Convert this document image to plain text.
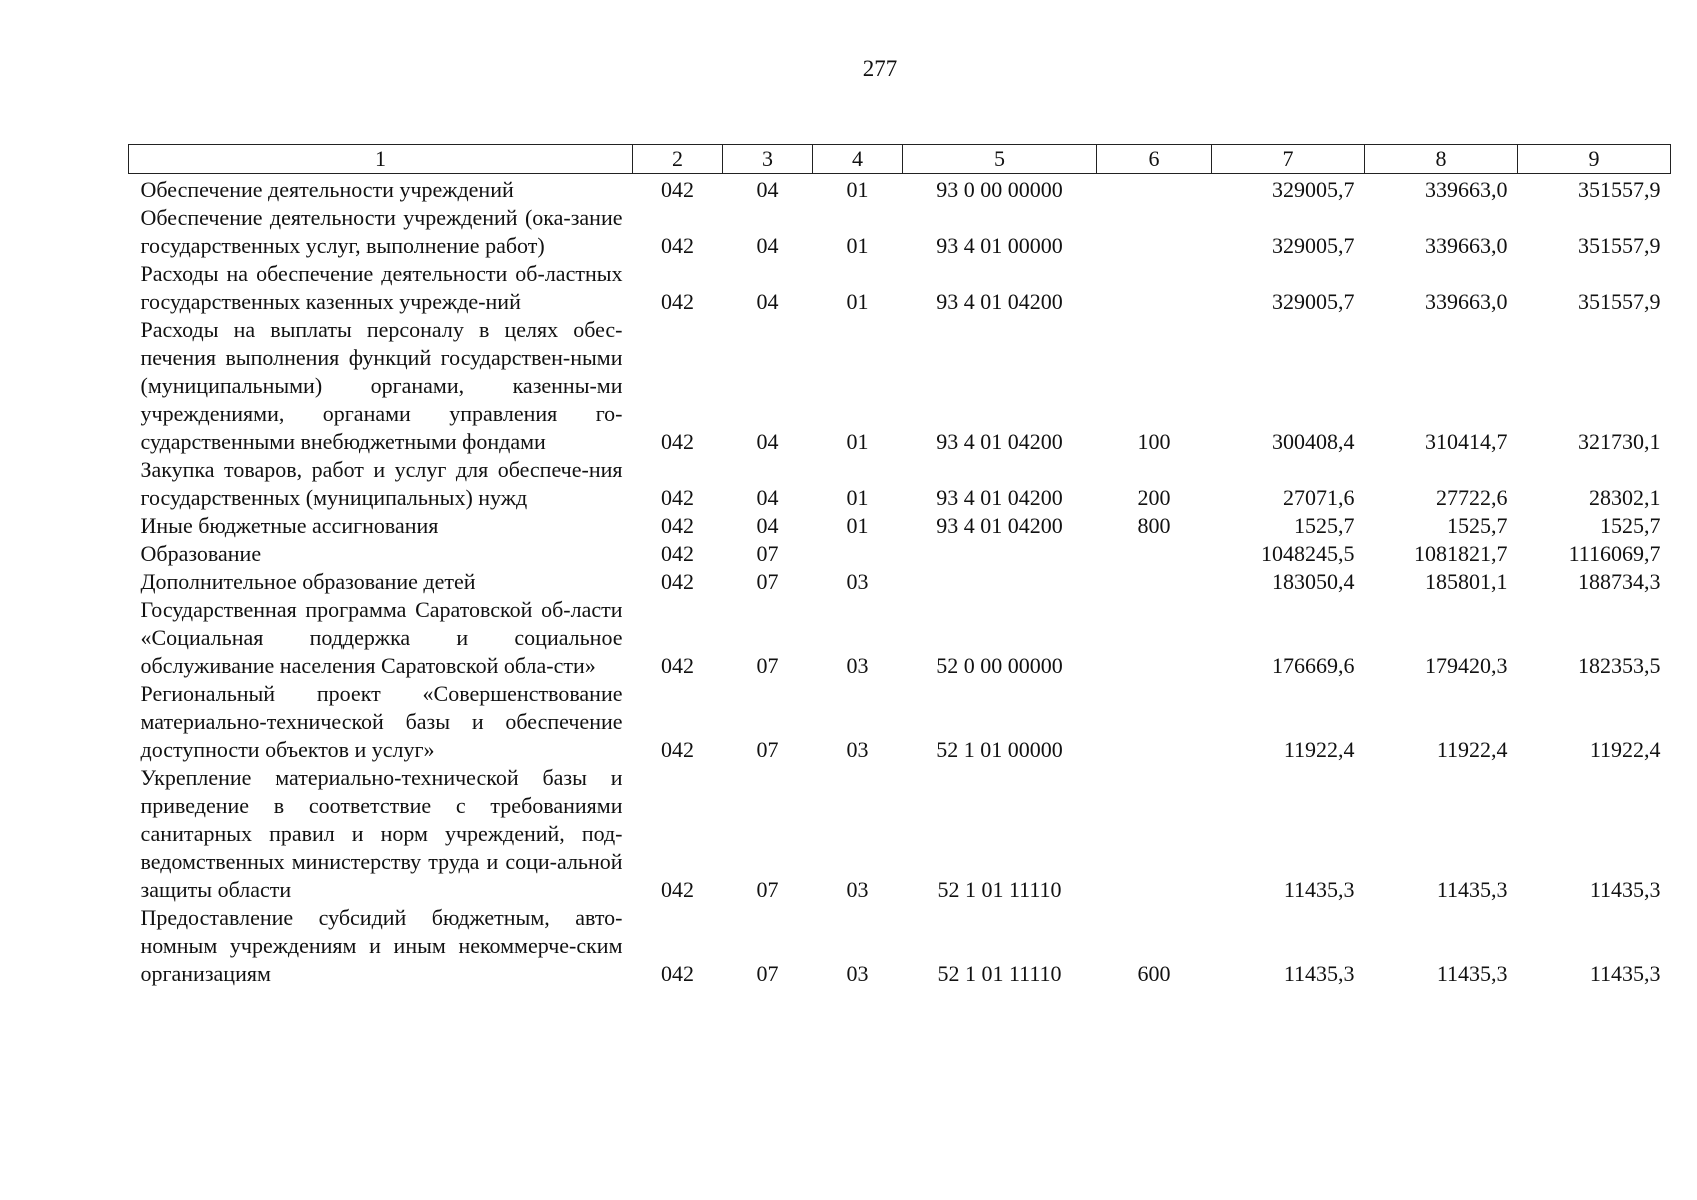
277
1	2	3	4	5	6	7	8	9
Обеспечение деятельности учреждений	042	04	01	93 0 00 00000		329005,7	339663,0	351557,9
Обеспечение деятельности учреждений (ока-зание государственных услуг, выполнение работ)	042	04	01	93 4 01 00000		329005,7	339663,0	351557,9
Расходы на обеспечение деятельности об-ластных государственных казенных учрежде-ний	042	04	01	93 4 01 04200		329005,7	339663,0	351557,9
Расходы на выплаты персоналу в целях обес-печения выполнения функций государствен-ными (муниципальными) органами, казенны-ми учреждениями, органами управления го-сударственными внебюджетными фондами	042	04	01	93 4 01 04200	100	300408,4	310414,7	321730,1
Закупка товаров, работ и услуг для обеспече-ния государственных (муниципальных) нужд	042	04	01	93 4 01 04200	200	27071,6	27722,6	28302,1
Иные бюджетные ассигнования	042	04	01	93 4 01 04200	800	1525,7	1525,7	1525,7
Образование	042	07				1048245,5	1081821,7	1116069,7
Дополнительное образование детей	042	07	03			183050,4	185801,1	188734,3
Государственная программа Саратовской об-ласти «Социальная поддержка и социальное обслуживание населения Саратовской обла-сти»	042	07	03	52 0 00 00000		176669,6	179420,3	182353,5
Региональный проект «Совершенствование материально-технической базы и обеспечение доступности объектов и услуг»	042	07	03	52 1 01 00000		11922,4	11922,4	11922,4
Укрепление материально-технической базы и приведение в соответствие с требованиями санитарных правил и норм учреждений, под-ведомственных министерству труда и соци-альной защиты области	042	07	03	52 1 01 11110		11435,3	11435,3	11435,3
Предоставление субсидий бюджетным, авто-номным учреждениям и иным некоммерче-ским организациям	042	07	03	52 1 01 11110	600	11435,3	11435,3	11435,3
